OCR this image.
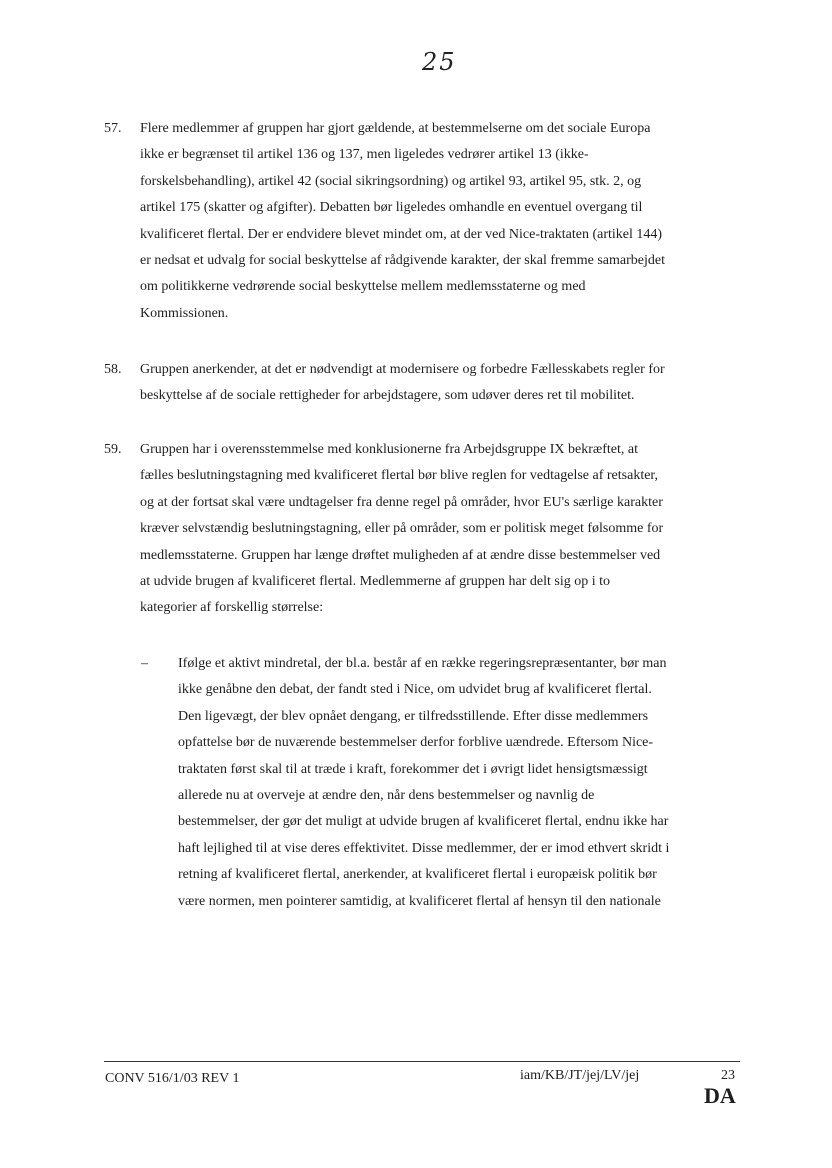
25
57. Flere medlemmer af gruppen har gjort gældende, at bestemmelserne om det sociale Europa
ikke er begrænset til artikel 136 og 137, men ligeledes vedrører artikel 13 (ikke-
forskelsbehandling), artikel 42 (social sikringsordning) og artikel 93, artikel 95, stk. 2, og
artikel 175 (skatter og afgifter). Debatten bør ligeledes omhandle en eventuel overgang til
kvalificeret flertal. Der er endvidere blevet mindet om, at der ved Nice-traktaten (artikel 144)
er nedsat et udvalg for social beskyttelse af rådgivende karakter, der skal fremme samarbejdet
om politikkerne vedrørende social beskyttelse mellem medlemsstaterne og med
Kommissionen.
58. Gruppen anerkender, at det er nødvendigt at modernisere og forbedre Fællesskabets regler for
beskyttelse af de sociale rettigheder for arbejdstagere, som udøver deres ret til mobilitet.
59. Gruppen har i overensstemmelse med konklusionerne fra Arbejdsgruppe IX bekræftet, at
fælles beslutningstagning med kvalificeret flertal bør blive reglen for vedtagelse af retsakter,
og at der fortsat skal være undtagelser fra denne regel på områder, hvor EU's særlige karakter
kræver selvstændig beslutningstagning, eller på områder, som er politisk meget følsomme for
medlemsstaterne. Gruppen har længe drøftet muligheden af at ændre disse bestemmelser ved
at udvide brugen af kvalificeret flertal. Medlemmerne af gruppen har delt sig op i to
kategorier af forskellig størrelse:
– Ifølge et aktivt mindretal, der bl.a. består af en række regeringsrepræsentanter, bør man
ikke genåbne den debat, der fandt sted i Nice, om udvidet brug af kvalificeret flertal.
Den ligevægt, der blev opnået dengang, er tilfredsstillende. Efter disse medlemmers
opfattelse bør de nuværende bestemmelser derfor forblive uændrede. Eftersom Nice-
traktaten først skal til at træde i kraft, forekommer det i øvrigt lidet hensigtsmæssigt
allerede nu at overveje at ændre den, når dens bestemmelser og navnlig de
bestemmelser, der gør det muligt at udvide brugen af kvalificeret flertal, endnu ikke har
haft lejlighed til at vise deres effektivitet. Disse medlemmer, der er imod ethvert skridt i
retning af kvalificeret flertal, anerkender, at kvalificeret flertal i europæisk politik bør
være normen, men pointerer samtidig, at kvalificeret flertal af hensyn til den nationale
CONV 516/1/03 REV 1	iam/KB/JT/jej/LV/jej	23
DA
